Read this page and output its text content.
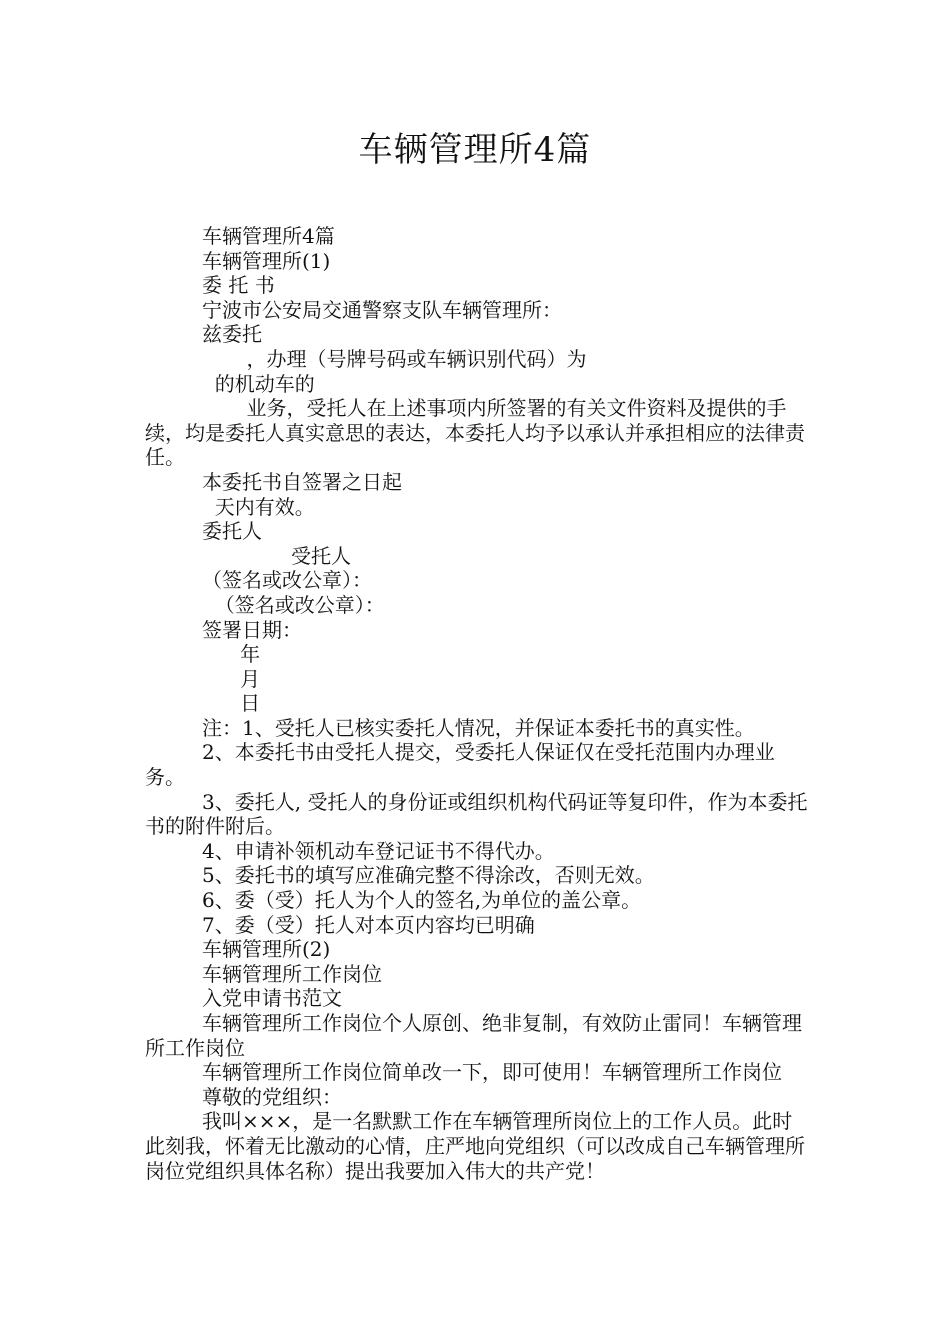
车辆管理所4篇

车辆管理所4篇

车辆管理所(1)

委 托 书

宁波市公安局交通警察支队车辆管理所：

兹委托

，办理（号牌号码或车辆识别代码）为

的机动车的

业务，受托人在上述事项内所签署的有关文件资料及提供的手续，均是委托人真实意思的表达，本委托人均予以承认并承担相应的法律责任。

本委托书自签署之日起

天内有效。

委托人

受托人

（签名或改公章）：

（签名或改公章）：

签署日期：

年

月

日

注：1、受托人已核实委托人情况，并保证本委托书的真实性。

2、本委托书由受托人提交，受委托人保证仅在受托范围内办理业务。

3、委托人, 受托人的身份证或组织机构代码证等复印件，作为本委托书的附件附后。

4、申请补领机动车登记证书不得代办。

5、委托书的填写应准确完整不得涂改，否则无效。

6、委（受）托人为个人的签名,为单位的盖公章。

7、委（受）托人对本页内容均已明确

车辆管理所(2)

车辆管理所工作岗位

入党申请书范文

车辆管理所工作岗位个人原创、绝非复制，有效防止雷同！车辆管理所工作岗位

车辆管理所工作岗位简单改一下，即可使用！车辆管理所工作岗位

尊敬的党组织：

我叫×××，是一名默默工作在车辆管理所岗位上的工作人员。此时此刻我，怀着无比激动的心情，庄严地向党组织（可以改成自己车辆管理所岗位党组织具体名称）提出我要加入伟大的共产党！
